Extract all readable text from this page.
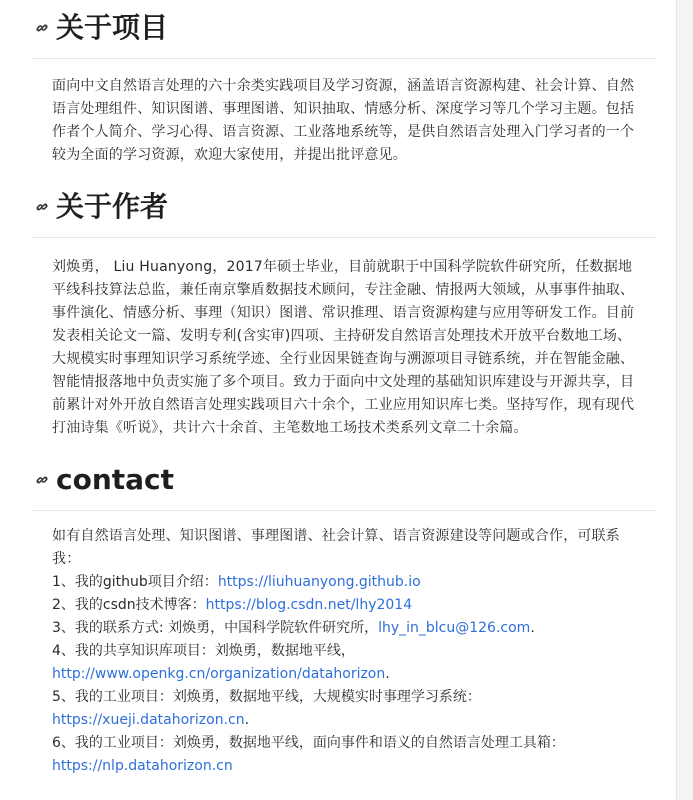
关于项目

面向中文自然语言处理的六十余类实践项目及学习资源，涵盖语言资源构建、社会计算、自然语言处理组件、知识图谱、事理图谱、知识抽取、情感分析、深度学习等几个学习主题。包括作者个人简介、学习心得、语言资源、工业落地系统等，是供自然语言处理入门学习者的一个较为全面的学习资源，欢迎大家使用，并提出批评意见。

关于作者

刘焕勇， Liu Huanyong，2017年硕士毕业，目前就职于中国科学院软件研究所，任数据地平线科技算法总监，兼任南京擎盾数据技术顾问，专注金融、情报两大领域，从事事件抽取、事件演化、情感分析、事理（知识）图谱、常识推理、语言资源构建与应用等研发工作。目前发表相关论文一篇、发明专利(含实审)四项、主持研发自然语言处理技术开放平台数地工场、大规模实时事理知识学习系统学迹、全行业因果链查询与溯源项目寻链系统，并在智能金融、智能情报落地中负责实施了多个项目。致力于面向中文处理的基础知识库建设与开源共享，目前累计对外开放自然语言处理实践项目六十余个，工业应用知识库七类。坚持写作，现有现代打油诗集《听说》，共计六十余首、主笔数地工场技术类系列文章二十余篇。

contact

如有自然语言处理、知识图谱、事理图谱、社会计算、语言资源建设等问题或合作，可联系我：

1、我的github项目介绍：https://liuhuanyong.github.io
2、我的csdn技术博客：https://blog.csdn.net/lhy2014
3、我的联系方式: 刘焕勇，中国科学院软件研究所，lhy_in_blcu@126.com.
4、我的共享知识库项目：刘焕勇，数据地平线，
http://www.openkg.cn/organization/datahorizon.
5、我的工业项目：刘焕勇，数据地平线，大规模实时事理学习系统：
https://xueji.datahorizon.cn.
6、我的工业项目：刘焕勇，数据地平线，面向事件和语义的自然语言处理工具箱：
https://nlp.datahorizon.cn
